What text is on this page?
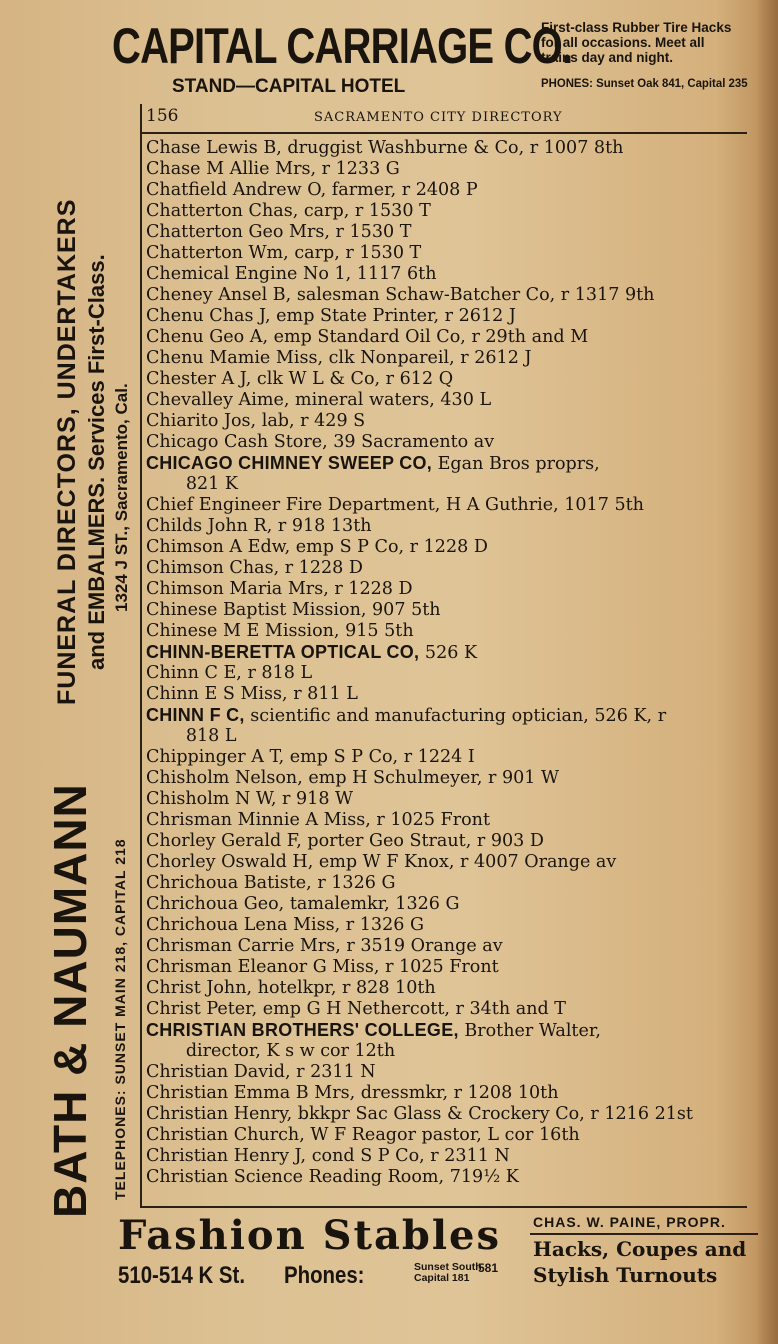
CAPITAL CARRIAGE CO.
STAND—CAPITAL HOTEL
First-class Rubber Tire Hacks
for all occasions. Meet all
trains day and night.
PHONES: Sunset Oak 841, Capital 235
BATH & NAUMANN TELEPHONES: SUNSET MAIN 218, CAPITAL 218
FUNERAL DIRECTORS, UNDERTAKERS and EMBALMERS. Services First-Class. 1324 J ST., Sacramento, Cal.
156	SACRAMENTO CITY DIRECTORY
Chase Lewis B, druggist Washburne & Co, r 1007 8th
Chase M Allie Mrs, r 1233 G
Chatfield Andrew O, farmer, r 2408 P
Chatterton Chas, carp, r 1530 T
Chatterton Geo Mrs, r 1530 T
Chatterton Wm, carp, r 1530 T
Chemical Engine No 1, 1117 6th
Cheney Ansel B, salesman Schaw-Batcher Co, r 1317 9th
Chenu Chas J, emp State Printer, r 2612 J
Chenu Geo A, emp Standard Oil Co, r 29th and M
Chenu Mamie Miss, clk Nonpareil, r 2612 J
Chester A J, clk W L & Co, r 612 Q
Chevalley Aime, mineral waters, 430 L
Chiarito Jos, lab, r 429 S
Chicago Cash Store, 39 Sacramento av
CHICAGO CHIMNEY SWEEP CO, Egan Bros proprs,
821 K
Chief Engineer Fire Department, H A Guthrie, 1017 5th
Childs John R, r 918 13th
Chimson A Edw, emp S P Co, r 1228 D
Chimson Chas, r 1228 D
Chimson Maria Mrs, r 1228 D
Chinese Baptist Mission, 907 5th
Chinese M E Mission, 915 5th
CHINN-BERETTA OPTICAL CO, 526 K
Chinn C E, r 818 L
Chinn E S Miss, r 811 L
CHINN F C, scientific and manufacturing optician, 526 K, r
818 L
Chippinger A T, emp S P Co, r 1224 I
Chisholm Nelson, emp H Schulmeyer, r 901 W
Chisholm N W, r 918 W
Chrisman Minnie A Miss, r 1025 Front
Chorley Gerald F, porter Geo Straut, r 903 D
Chorley Oswald H, emp W F Knox, r 4007 Orange av
Chrichoua Batiste, r 1326 G
Chrichoua Geo, tamalemkr, 1326 G
Chrichoua Lena Miss, r 1326 G
Chrisman Carrie Mrs, r 3519 Orange av
Chrisman Eleanor G Miss, r 1025 Front
Christ John, hotelkpr, r 828 10th
Christ Peter, emp G H Nethercott, r 34th and T
CHRISTIAN BROTHERS' COLLEGE, Brother Walter,
director, K s w cor 12th
Christian David, r 2311 N
Christian Emma B Mrs, dressmkr, r 1208 10th
Christian Henry, bkkpr Sac Glass & Crockery Co, r 1216 21st
Christian Church, W F Reagor pastor, L cor 16th
Christian Henry J, cond S P Co, r 2311 N
Christian Science Reading Room, 719½ K
Fashion Stables
510-514 K St. Phones:	Sunset South
Capital 181
581
CHAS. W. PAINE, PROPR.
Hacks, Coupes and
Stylish Turnouts
